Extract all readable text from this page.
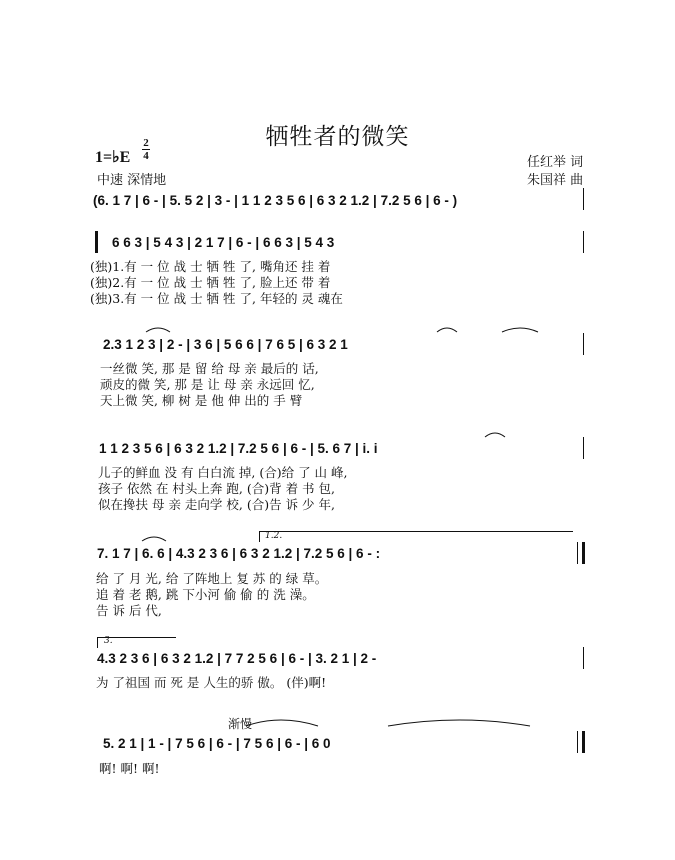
牺牲者的微笑
1=♭E
2
4
中速 深情地
任红举 词
朱国祥 曲
(6. 1 7 | 6 - | 5. 5 2 | 3 - | 1 1 2 3 5 6 | 6 3 2 1.2 | 7.2 5 6 | 6 - )
6 6 3 | 5 4 3 | 2 1 7 | 6 - | 6 6 3 | 5 4 3
(独)1.有 一 位 战 士 牺 牲 了, 嘴角还 挂 着
(独)2.有 一 位 战 士 牺 牲 了, 脸上还 带 着
(独)3.有 一 位 战 士 牺 牲 了, 年轻的 灵 魂在
2.3 1 2 3 | 2 - | 3 6 | 5 6 6 | 7 6 5 | 6 3 2 1
一丝微 笑, 那 是 留 给 母 亲 最后的 话,
顽皮的微 笑, 那 是 让 母 亲 永远回 忆,
天上微 笑, 柳 树 是 他 伸 出的 手 臂
1 1 2 3 5 6 | 6 3 2 1.2 | 7.2 5 6 | 6 - | 5. 6 7 | i. i
儿子的鲜血 没 有 白白流 掉, (合)给 了 山 峰,
孩子 依然 在 村头上奔 跑, (合)背 着 书 包,
似在搀扶 母 亲 走向学 校, (合)告 诉 少 年,
1.2.
7. 1 7 | 6. 6 | 4.3 2 3 6 | 6 3 2 1.2 | 7.2 5 6 | 6 - :
给 了 月 光, 给 了阵地上 复 苏 的 绿 草。
追 着 老 鹅, 跳 下小河 偷 偷 的 洗 澡。
告 诉 后 代,
3.
4.3 2 3 6 | 6 3 2 1.2 | 7 7 2 5 6 | 6 - | 3. 2 1 | 2 -
为 了祖国 而 死 是 人生的骄 傲。 (伴)啊!
渐慢
5. 2 1 | 1 - | 7 5 6 | 6 - | 7 5 6 | 6 - | 6 0
啊! 啊! 啊!
